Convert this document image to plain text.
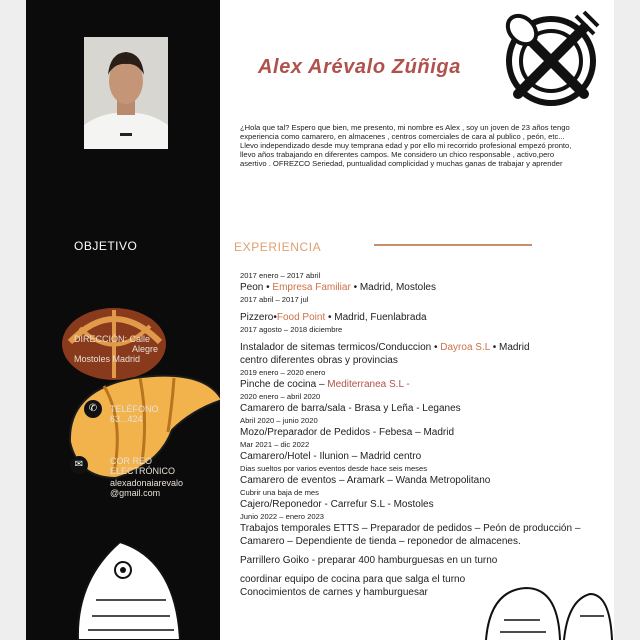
OBJETIVO
DIRECCIÓN: Calle
Alegre
Mostoles Madrid
✆	TELÉFONO
63...424
✉	COR REO
ELECTRÓNICO
alexadonaiarevalo
@gmail.com
Alex Arévalo Zúñiga
¿Hola que tal? Espero que bien, me presento, mi nombre es Alex , soy un joven de 23 años tengo experiencia como camarero, en almacenes , centros comerciales de cara al publico , peón, etc... Llevo independizado desde muy temprana edad y por ello mi recorrido profesional empezó pronto, llevo años trabajando en diferentes campos. Me considero un chico responsable , activo,pero asertivo . OFREZCO Seriedad, puntualidad complicidad y muchas ganas de trabajar y aprender
EXPERIENCIA
2017 enero – 2017 abril
Peon • Empresa Familiar • Madrid, Mostoles
2017 abril – 2017 jul
Pizzero•Food Point • Madrid, Fuenlabrada
2017 agosto – 2018 diciembre
Instalador de sitemas termicos/Conduccion • Dayroa S.L • Madrid
centro diferentes obras y provincias
2019 enero – 2020 enero
Pinche de cocina – Mediterranea S.L -
2020 enero – abril 2020
Camarero de barra/sala - Brasa y Leña - Leganes
Abril 2020 – junio 2020
Mozo/Preparador de Pedidos - Febesa – Madrid
Mar 2021 – dic 2022
Camarero/Hotel - Ilunion – Madrid centro
Dias sueltos por varios eventos desde hace seis meses
Camarero de eventos – Aramark – Wanda Metropolitano
Cubrir una baja de mes
Cajero/Reponedor - Carrefur S.L - Mostoles
Junio 2022 – enero 2023
Trabajos temporales ETTS – Preparador de pedidos – Peón de producción – Camarero – Dependiente de tienda – reponedor de almacenes.
Parrillero Goiko - preparar 400 hamburguesas en un turno
coordinar equipo de cocina para que salga el turno
Conocimientos de carnes y hamburguesar
